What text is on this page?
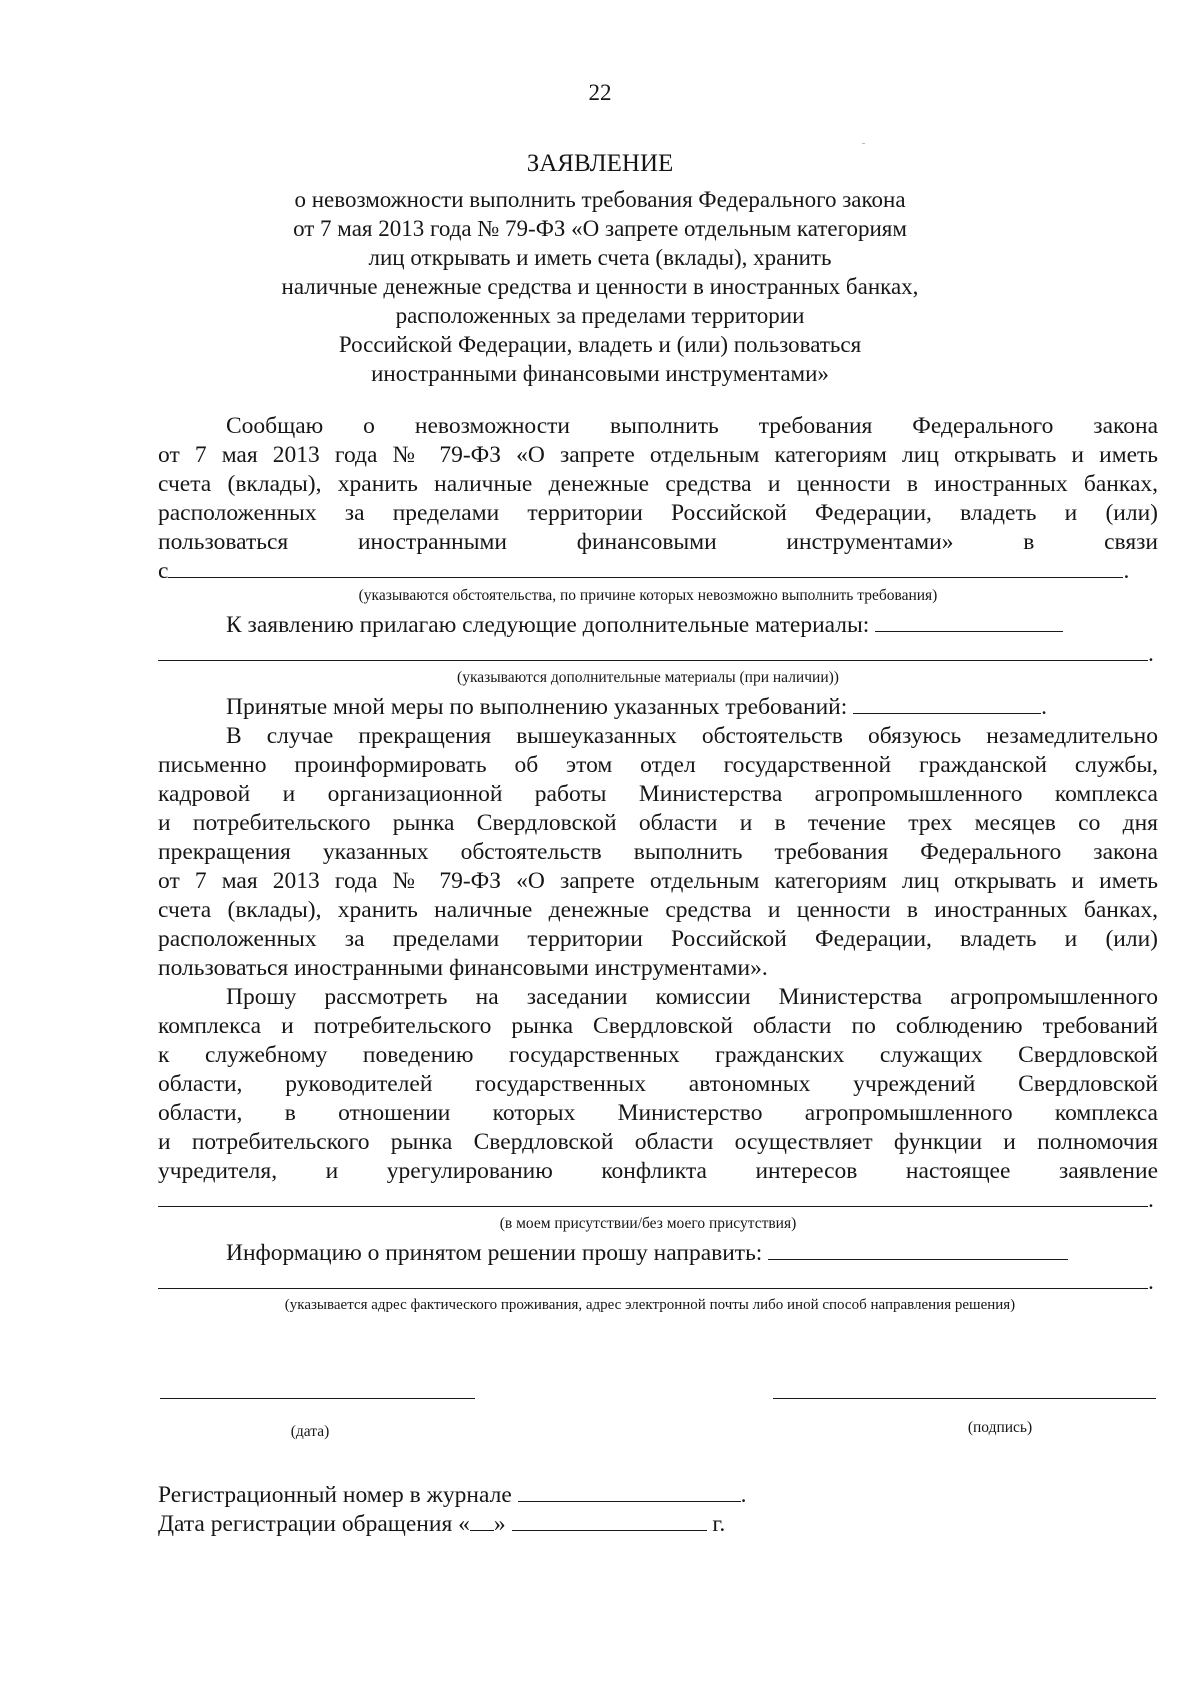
22
ЗАЯВЛЕНИЕ
о невозможности выполнить требования Федерального закона
от 7 мая 2013 года № 79-ФЗ «О запрете отдельным категориям
лиц открывать и иметь счета (вклады), хранить
наличные денежные средства и ценности в иностранных банках,
расположенных за пределами территории
Российской Федерации, владеть и (или) пользоваться
иностранными финансовыми инструментами»
Сообщаю о невозможности выполнить требования Федерального закона
от 7 мая 2013 года № 79-ФЗ «О запрете отдельным категориям лиц открывать и иметь
счета (вклады), хранить наличные денежные средства и ценности в иностранных банках,
расположенных за пределами территории Российской Федерации, владеть и (или)
пользоваться иностранными финансовыми инструментами» в связи
с	.
(указываются обстоятельства, по причине которых невозможно выполнить требования)
К заявлению прилагаю следующие дополнительные материалы:
.
(указываются дополнительные материалы (при наличии))
Принятые мной меры по выполнению указанных требований:	.
В случае прекращения вышеуказанных обстоятельств обязуюсь незамедлительно
письменно проинформировать об этом отдел государственной гражданской службы,
кадровой и организационной работы Министерства агропромышленного комплекса
и потребительского рынка Свердловской области и в течение трех месяцев со дня
прекращения указанных обстоятельств выполнить требования Федерального закона
от 7 мая 2013 года № 79-ФЗ «О запрете отдельным категориям лиц открывать и иметь
счета (вклады), хранить наличные денежные средства и ценности в иностранных банках,
расположенных за пределами территории Российской Федерации, владеть и (или)
пользоваться иностранными финансовыми инструментами».
Прошу рассмотреть на заседании комиссии Министерства агропромышленного
комплекса и потребительского рынка Свердловской области по соблюдению требований
к служебному поведению государственных гражданских служащих Свердловской
области, руководителей государственных автономных учреждений Свердловской
области, в отношении которых Министерство агропромышленного комплекса
и потребительского рынка Свердловской области осуществляет функции и полномочия
учредителя, и урегулированию конфликта интересов настоящее заявление
.
(в моем присутствии/без моего присутствия)
Информацию о принятом решении прошу направить:
.
(указывается адрес фактического проживания, адрес электронной почты либо иной способ направления решения)
(дата)	(подпись)
Регистрационный номер в журнале	.
Дата регистрации обращения « »	г.
